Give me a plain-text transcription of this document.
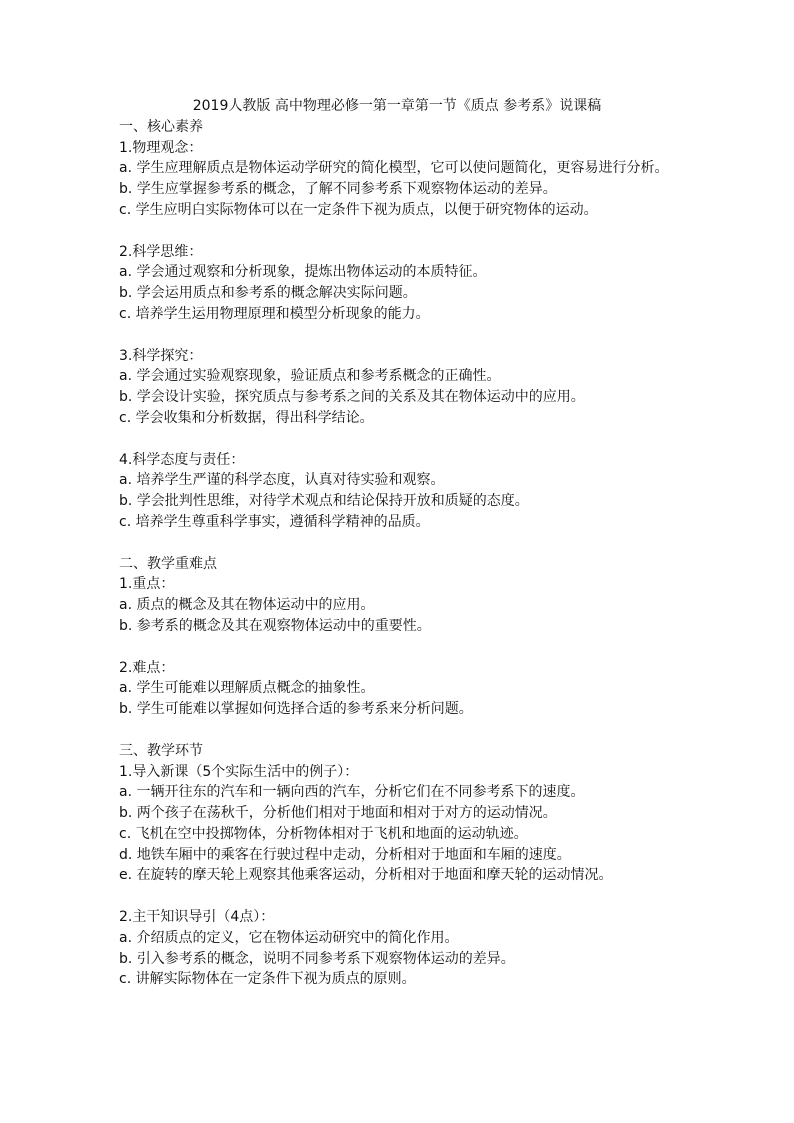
2019人教版 高中物理必修一第一章第一节《质点 参考系》说课稿
一、核心素养
1.物理观念：
a. 学生应理解质点是物体运动学研究的简化模型，它可以使问题简化，更容易进行分析。
b. 学生应掌握参考系的概念，了解不同参考系下观察物体运动的差异。
c. 学生应明白实际物体可以在一定条件下视为质点，以便于研究物体的运动。
2.科学思维：
a. 学会通过观察和分析现象，提炼出物体运动的本质特征。
b. 学会运用质点和参考系的概念解决实际问题。
c. 培养学生运用物理原理和模型分析现象的能力。
3.科学探究：
a. 学会通过实验观察现象，验证质点和参考系概念的正确性。
b. 学会设计实验，探究质点与参考系之间的关系及其在物体运动中的应用。
c. 学会收集和分析数据，得出科学结论。
4.科学态度与责任：
a. 培养学生严谨的科学态度，认真对待实验和观察。
b. 学会批判性思维，对待学术观点和结论保持开放和质疑的态度。
c. 培养学生尊重科学事实，遵循科学精神的品质。
二、教学重难点
1.重点：
a. 质点的概念及其在物体运动中的应用。
b. 参考系的概念及其在观察物体运动中的重要性。
2.难点：
a. 学生可能难以理解质点概念的抽象性。
b. 学生可能难以掌握如何选择合适的参考系来分析问题。
三、教学环节
1.导入新课（5个实际生活中的例子）：
a. 一辆开往东的汽车和一辆向西的汽车，分析它们在不同参考系下的速度。
b. 两个孩子在荡秋千，分析他们相对于地面和相对于对方的运动情况。
c. 飞机在空中投掷物体，分析物体相对于飞机和地面的运动轨迹。
d. 地铁车厢中的乘客在行驶过程中走动，分析相对于地面和车厢的速度。
e. 在旋转的摩天轮上观察其他乘客运动，分析相对于地面和摩天轮的运动情况。
2.主干知识导引（4点）：
a. 介绍质点的定义，它在物体运动研究中的简化作用。
b. 引入参考系的概念，说明不同参考系下观察物体运动的差异。
c. 讲解实际物体在一定条件下视为质点的原则。
